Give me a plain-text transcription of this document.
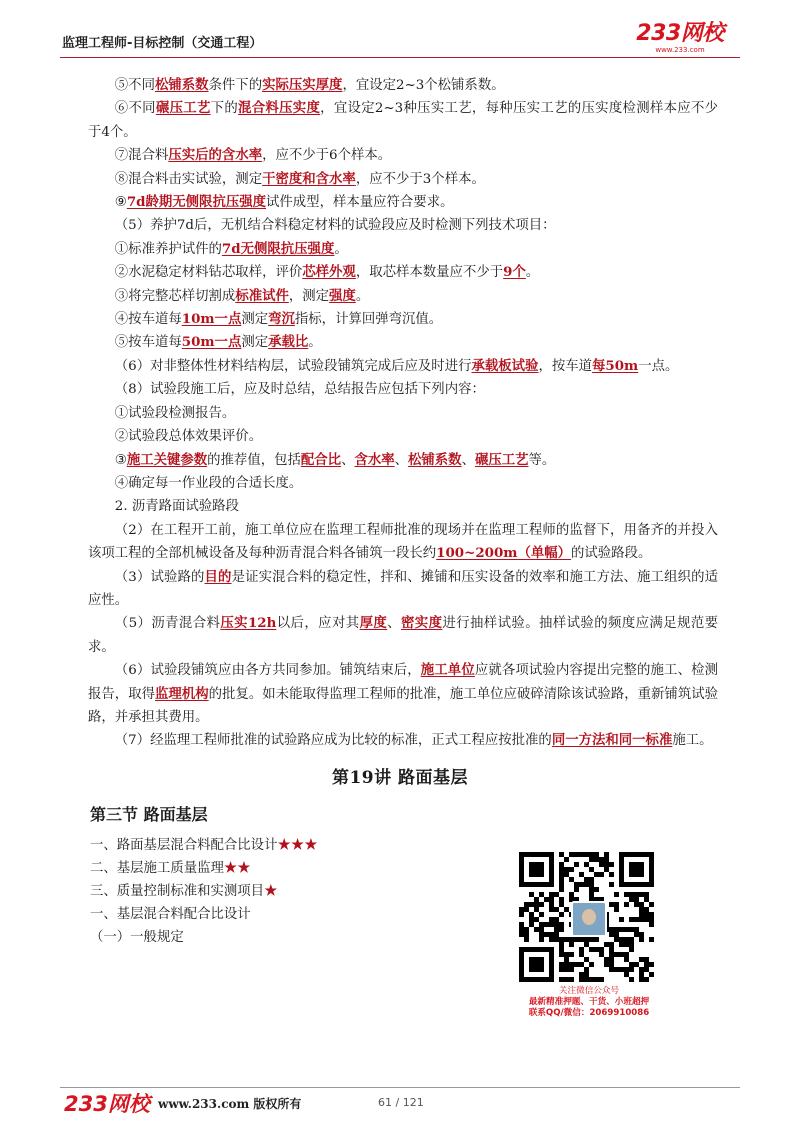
监理工程师-目标控制（交通工程）	233网校
www.233.com

⑤不同松铺系数条件下的实际压实厚度，宜设定2~3个松铺系数。

⑥不同碾压工艺下的混合料压实度，宜设定2~3种压实工艺，每种压实工艺的压实度检测样本应不少于4个。

⑦混合料压实后的含水率，应不少于6个样本。

⑧混合料击实试验，测定干密度和含水率，应不少于3个样本。

⑨7d龄期无侧限抗压强度试件成型，样本量应符合要求。

（5）养护7d后，无机结合料稳定材料的试验段应及时检测下列技术项目：

①标准养护试件的7d无侧限抗压强度。

②水泥稳定材料钻芯取样，评价芯样外观，取芯样本数量应不少于9个。

③将完整芯样切割成标准试件，测定强度。

④按车道每10m一点测定弯沉指标，计算回弹弯沉值。

⑤按车道每50m一点测定承载比。

（6）对非整体性材料结构层，试验段铺筑完成后应及时进行承载板试验，按车道每50m一点。

（8）试验段施工后，应及时总结，总结报告应包括下列内容：

①试验段检测报告。

②试验段总体效果评价。

③施工关键参数的推荐值，包括配合比、含水率、松铺系数、碾压工艺等。

④确定每一作业段的合适长度。

2. 沥青路面试验路段

（2）在工程开工前，施工单位应在监理工程师批准的现场并在监理工程师的监督下，用备齐的并投入该项工程的全部机械设备及每种沥青混合料各铺筑一段长约100~200m（单幅）的试验路段。

（3）试验路的目的是证实混合料的稳定性，拌和、摊铺和压实设备的效率和施工方法、施工组织的适应性。

（5）沥青混合料压实12h以后，应对其厚度、密实度进行抽样试验。抽样试验的频度应满足规范要求。

（6）试验段铺筑应由各方共同参加。铺筑结束后，施工单位应就各项试验内容提出完整的施工、检测报告，取得监理机构的批复。如未能取得监理工程师的批准，施工单位应破碎清除该试验路，重新铺筑试验路，并承担其费用。

（7）经监理工程师批准的试验路应成为比较的标准，正式工程应按批准的同一方法和同一标准施工。

第19讲 路面基层
第三节 路面基层
一、路面基层混合料配合比设计★★★
二、基层施工质量监理★★
三、质量控制标准和实测项目★
一、基层混合料配合比设计
（一）一般规定
关注微信公众号
最新精准押题、干货、小班超押
联系QQ/微信：2069910086
233网校 www.233.com 版权所有	61 / 121
